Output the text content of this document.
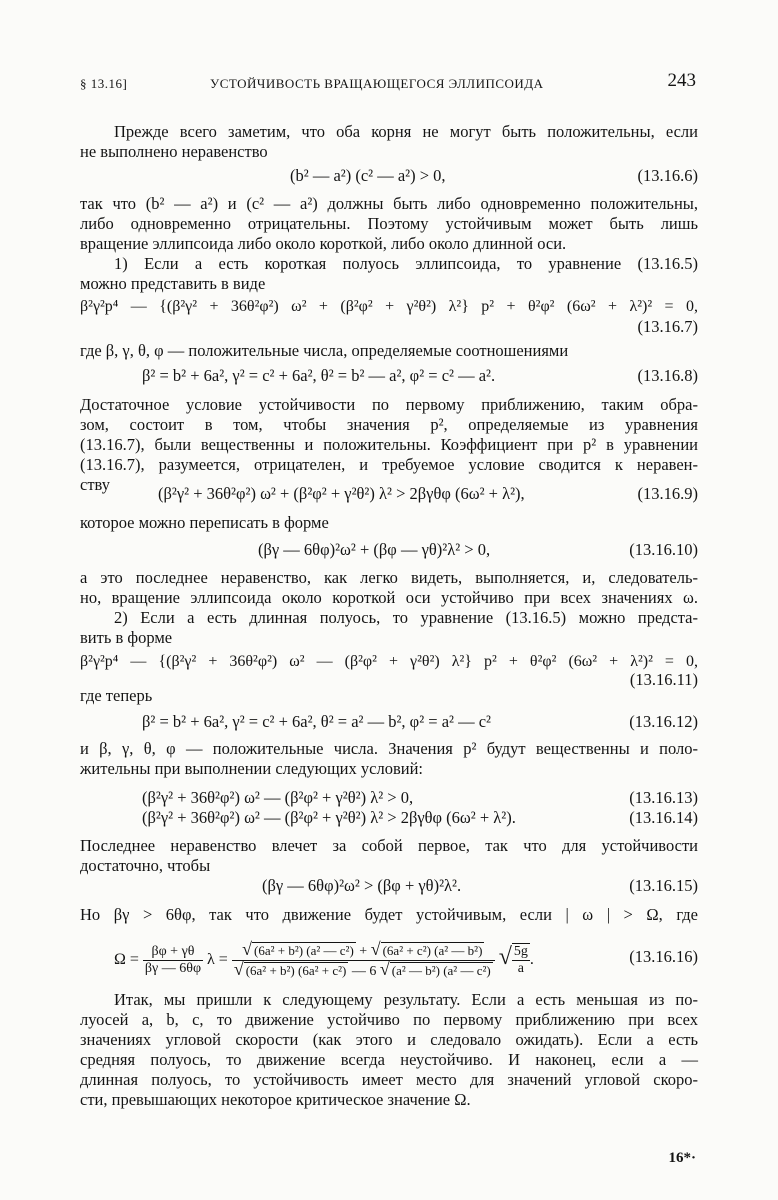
§ 13.16]	УСТОЙЧИВОСТЬ ВРАЩАЮЩЕГОСЯ ЭЛЛИПСОИДА	243
Прежде всего заметим, что оба корня не могут быть положительны, если
не выполнено неравенство
(b² — a²) (c² — a²) > 0,	(13.16.6)
так что (b² — a²) и (c² — a²) должны быть либо одновременно положительны,
либо одновременно отрицательны. Поэтому устойчивым может быть лишь
вращение эллипсоида либо около короткой, либо около длинной оси.
1) Если a есть короткая полуось эллипсоида, то уравнение (13.16.5)
можно представить в виде
β²γ²p⁴ — {(β²γ² + 36θ²φ²) ω² + (β²φ² + γ²θ²) λ²} p² + θ²φ² (6ω² + λ²)² = 0,
(13.16.7)
где β, γ, θ, φ — положительные числа, определяемые соотношениями
β² = b² + 6a², γ² = c² + 6a², θ² = b² — a², φ² = c² — a².	(13.16.8)
Достаточное условие устойчивости по первому приближению, таким обра-
зом, состоит в том, чтобы значения p², определяемые из уравнения
(13.16.7), были вещественны и положительны. Коэффициент при p² в уравнении
(13.16.7), разумеется, отрицателен, и требуемое условие сводится к неравен-
ству	(β²γ² + 36θ²φ²) ω² + (β²φ² + γ²θ²) λ² > 2βγθφ (6ω² + λ²),	(13.16.9)
которое можно переписать в форме
(βγ — 6θφ)²ω² + (βφ — γθ)²λ² > 0,	(13.16.10)
а это последнее неравенство, как легко видеть, выполняется, и, следователь-
но, вращение эллипсоида около короткой оси устойчиво при всех значениях ω.
2) Если a есть длинная полуось, то уравнение (13.16.5) можно предста-
вить в форме
β²γ²p⁴ — {(β²γ² + 36θ²φ²) ω² — (β²φ² + γ²θ²) λ²} p² + θ²φ² (6ω² + λ²)² = 0,
(13.16.11)
где теперь
β² = b² + 6a², γ² = c² + 6a², θ² = a² — b², φ² = a² — c²	(13.16.12)
и β, γ, θ, φ — положительные числа. Значения p² будут вещественны и поло-
жительны при выполнении следующих условий:
(β²γ² + 36θ²φ²) ω² — (β²φ² + γ²θ²) λ² > 0,	(13.16.13)
(β²γ² + 36θ²φ²) ω² — (β²φ² + γ²θ²) λ² > 2βγθφ (6ω² + λ²).	(13.16.14)
Последнее неравенство влечет за собой первое, так что для устойчивости
достаточно, чтобы
(βγ — 6θφ)²ω² > (βφ + γθ)²λ².	(13.16.15)
Но βγ > 6θφ, так что движение будет устойчивым, если | ω | > Ω, где
$\Omega = \frac{\beta\varphi + \gamma\theta}{\beta\gamma — 6\theta\varphi}$ $\lambda = \frac{\text{√ (6a² + b²) (a² — c²) + √ (6a² + c²) (a² — b²)}}{\text{√ (6a² + b²) (6a² + c²) — 6 √ (a² — b²) (a² — c²)}}$ √ $\frac{5g}{a}$ .	(13.16.16)
Итак, мы пришли к следующему результату. Если a есть меньшая из по-
луосей a, b, c, то движение устойчиво по первому приближению при всех
значениях угловой скорости (как этого и следовало ожидать). Если a есть
средняя полуось, то движение всегда неустойчиво. И наконец, если a —
длинная полуось, то устойчивость имеет место для значений угловой скоро-
сти, превышающих некоторое критическое значение Ω.
16*·
